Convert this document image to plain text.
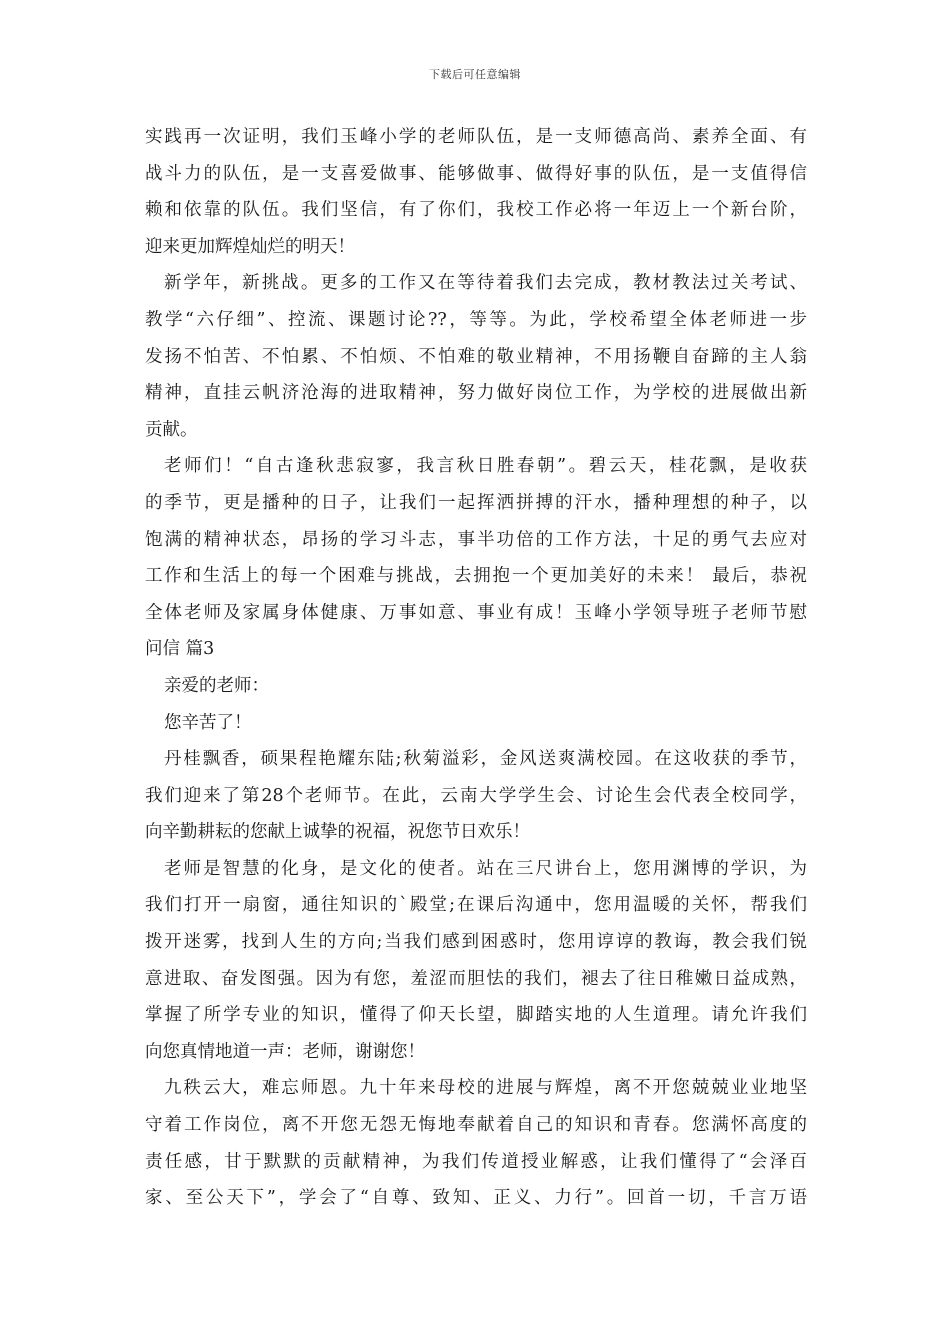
下载后可任意编辑
实践再一次证明，我们玉峰小学的老师队伍，是一支师德高尚、素养全面、有
战斗力的队伍，是一支喜爱做事、能够做事、做得好事的队伍，是一支值得信
赖和依靠的队伍。我们坚信，有了你们，我校工作必将一年迈上一个新台阶，
迎来更加辉煌灿烂的明天！
新学年，新挑战。更多的工作又在等待着我们去完成，教材教法过关考试、
教学“六仔细”、控流、课题讨论??，等等。为此，学校希望全体老师进一步
发扬不怕苦、不怕累、不怕烦、不怕难的敬业精神，不用扬鞭自奋蹄的主人翁
精神，直挂云帆济沧海的进取精神，努力做好岗位工作，为学校的进展做出新
贡献。
老师们！“自古逢秋悲寂寥，我言秋日胜春朝”。碧云天，桂花飘，是收获
的季节，更是播种的日子，让我们一起挥洒拼搏的汗水，播种理想的种子，以
饱满的精神状态，昂扬的学习斗志，事半功倍的工作方法，十足的勇气去应对
工作和生活上的每一个困难与挑战，去拥抱一个更加美好的未来！ 最后，恭祝
全体老师及家属身体健康、万事如意、事业有成！玉峰小学领导班子老师节慰
问信 篇3
亲爱的老师：
您辛苦了！
丹桂飘香，硕果程艳耀东陆;秋菊溢彩，金风送爽满校园。在这收获的季节，
我们迎来了第28个老师节。在此，云南大学学生会、讨论生会代表全校同学，
向辛勤耕耘的您献上诚挚的祝福，祝您节日欢乐！
老师是智慧的化身，是文化的使者。站在三尺讲台上，您用渊博的学识，为
我们打开一扇窗，通往知识的`殿堂;在课后沟通中，您用温暖的关怀，帮我们
拨开迷雾，找到人生的方向;当我们感到困惑时，您用谆谆的教诲，教会我们锐
意进取、奋发图强。因为有您，羞涩而胆怯的我们，褪去了往日稚嫩日益成熟，
掌握了所学专业的知识，懂得了仰天长望，脚踏实地的人生道理。请允许我们
向您真情地道一声：老师，谢谢您！
九秩云大，难忘师恩。九十年来母校的进展与辉煌，离不开您兢兢业业地坚
守着工作岗位，离不开您无怨无悔地奉献着自己的知识和青春。您满怀高度的
责任感，甘于默默的贡献精神，为我们传道授业解惑，让我们懂得了“会泽百
家、至公天下”，学会了“自尊、致知、正义、力行”。回首一切，千言万语
